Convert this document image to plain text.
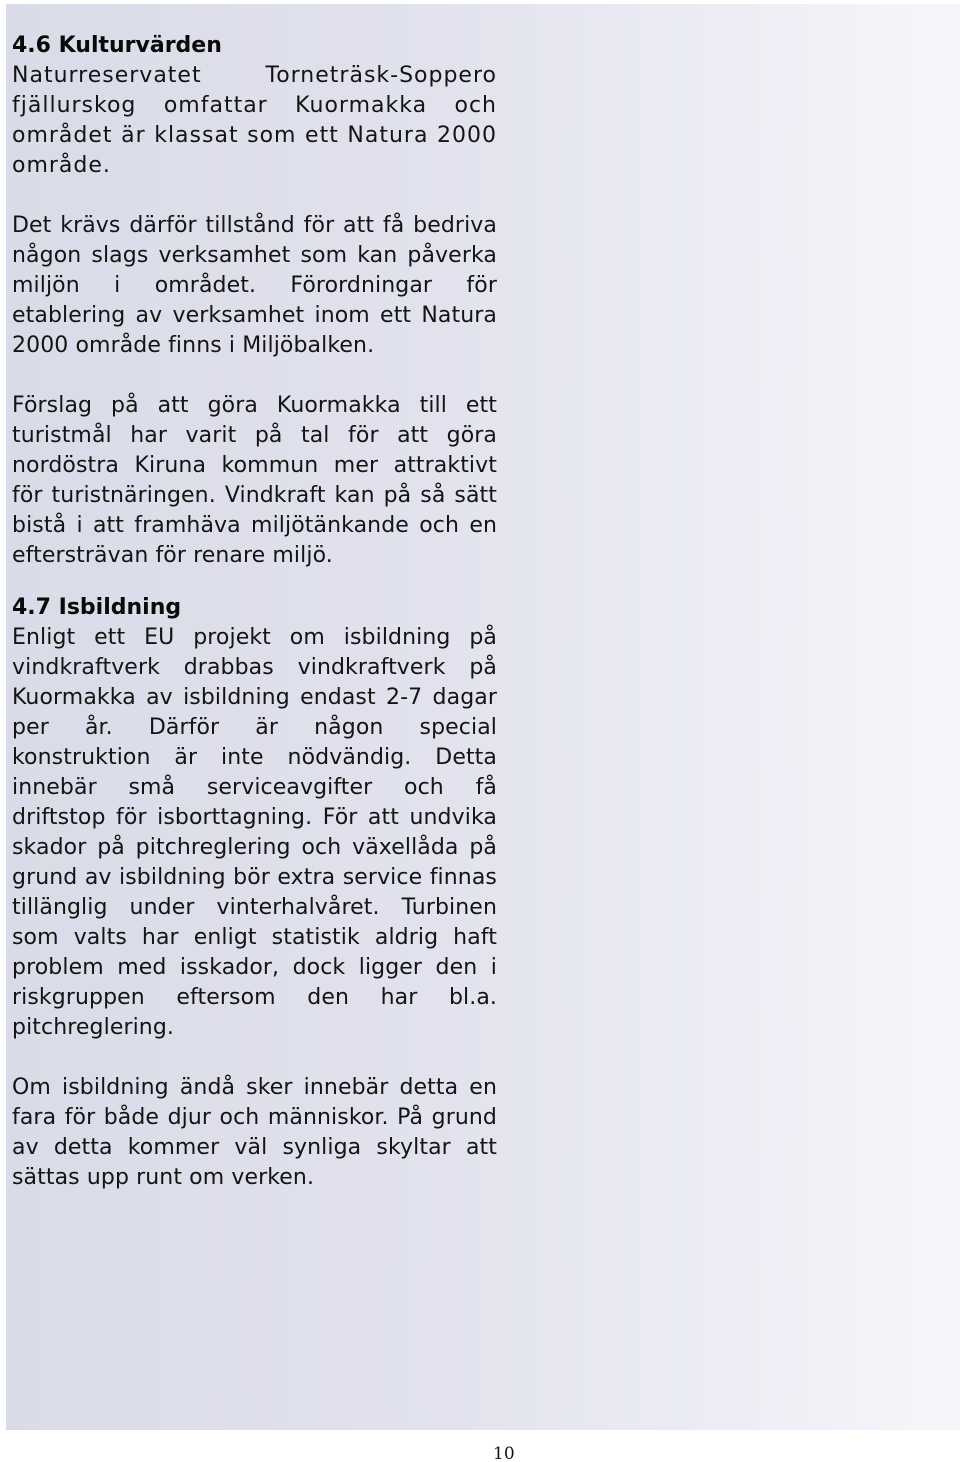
4.6 Kulturvärden

Naturreservatet Torneträsk-Soppero fjällurskog omfattar Kuormakka och området är klassat som ett Natura 2000 område.

Det krävs därför tillstånd för att få bedriva någon slags verksamhet som kan påverka miljön i området. Förordningar för etablering av verksamhet inom ett Natura 2000 område finns i Miljöbalken.

Förslag på att göra Kuormakka till ett turistmål har varit på tal för att göra nordöstra Kiruna kommun mer attraktivt för turistnäringen. Vindkraft kan på så sätt bistå i att framhäva miljötänkande och en eftersträvan för renare miljö.

4.7 Isbildning

Enligt ett EU projekt om isbildning på vindkraftverk drabbas vindkraftverk på Kuormakka av isbildning endast 2-7 dagar per år. Därför är någon special konstruktion är inte nödvändig. Detta innebär små serviceavgifter och få driftstop för isborttagning. För att undvika skador på pitchreglering och växellåda på grund av isbildning bör extra service finnas tillänglig under vinterhalvåret. Turbinen som valts har enligt statistik aldrig haft problem med isskador, dock ligger den i riskgruppen eftersom den har bl.a. pitchreglering.

Om isbildning ändå sker innebär detta en fara för både djur och människor. På grund av detta kommer väl synliga skyltar att sättas upp runt om verken.

10
